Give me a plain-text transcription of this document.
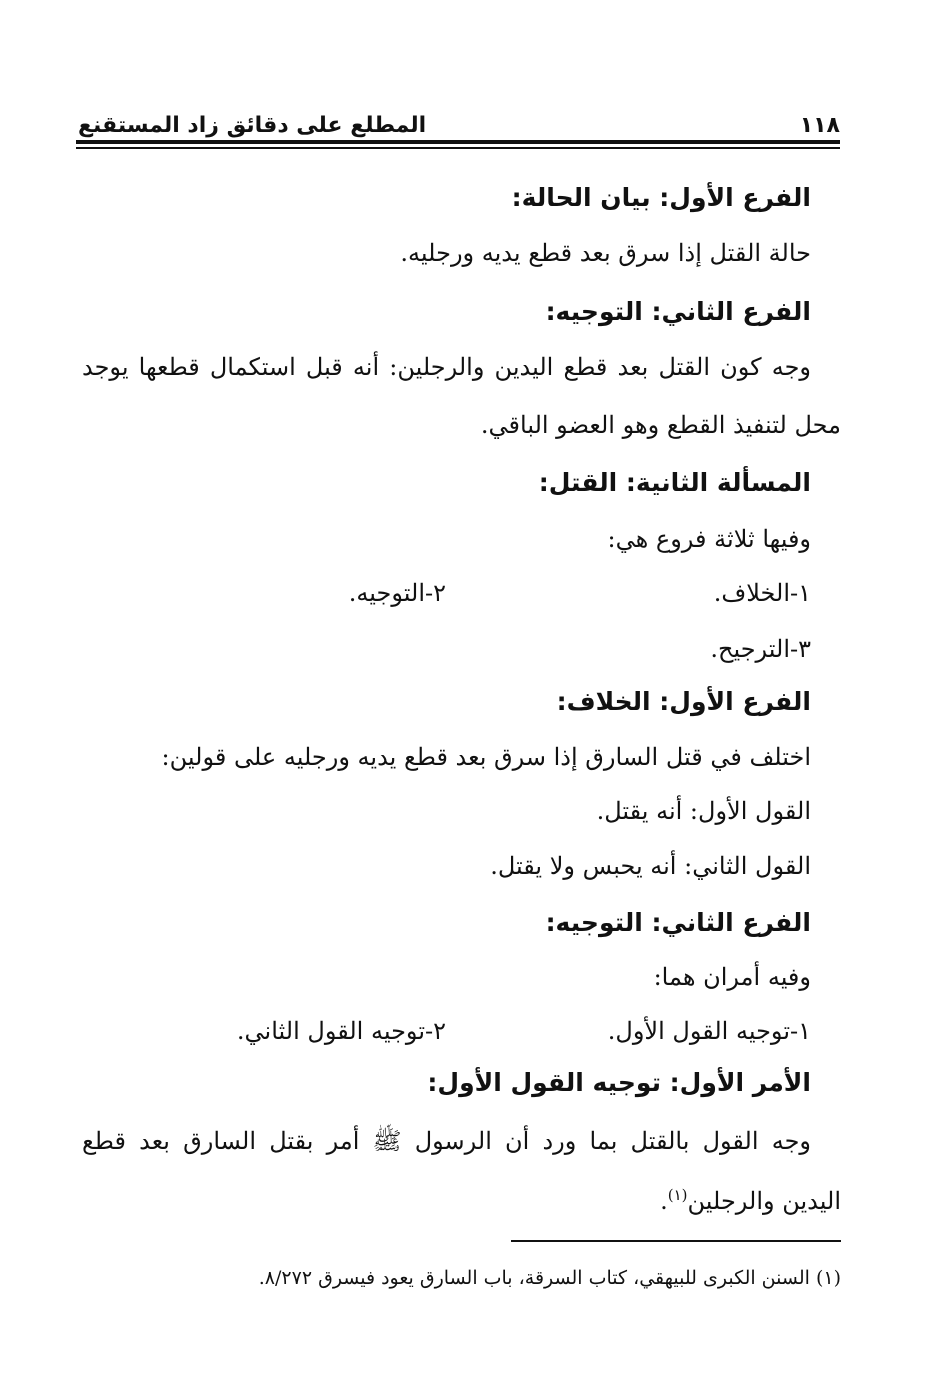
١١٨
المطلع على دقائق زاد المستقنع
الفرع الأول: بيان الحالة:
حالة القتل إذا سرق بعد قطع يديه ورجليه.
الفرع الثاني: التوجيه:
وجه كون القتل بعد قطع اليدين والرجلين: أنه قبل استكمال قطعها يوجد
محل لتنفيذ القطع وهو العضو الباقي.
المسألة الثانية: القتل:
وفيها ثلاثة فروع هي:
١-الخلاف.
٢-التوجيه.
٣-الترجيح.
الفرع الأول: الخلاف:
اختلف في قتل السارق إذا سرق بعد قطع يديه ورجليه على قولين:
القول الأول: أنه يقتل.
القول الثاني: أنه يحبس ولا يقتل.
الفرع الثاني: التوجيه:
وفيه أمران هما:
١-توجيه القول الأول.
٢-توجيه القول الثاني.
الأمر الأول: توجيه القول الأول:
وجه القول بالقتل بما ورد أن الرسول ﷺ أمر بقتل السارق بعد قطع
اليدين والرجلين$^{(١)}$.
(١) السنن الكبرى للبيهقي، كتاب السرقة، باب السارق يعود فيسرق ٨/٢٧٢.
